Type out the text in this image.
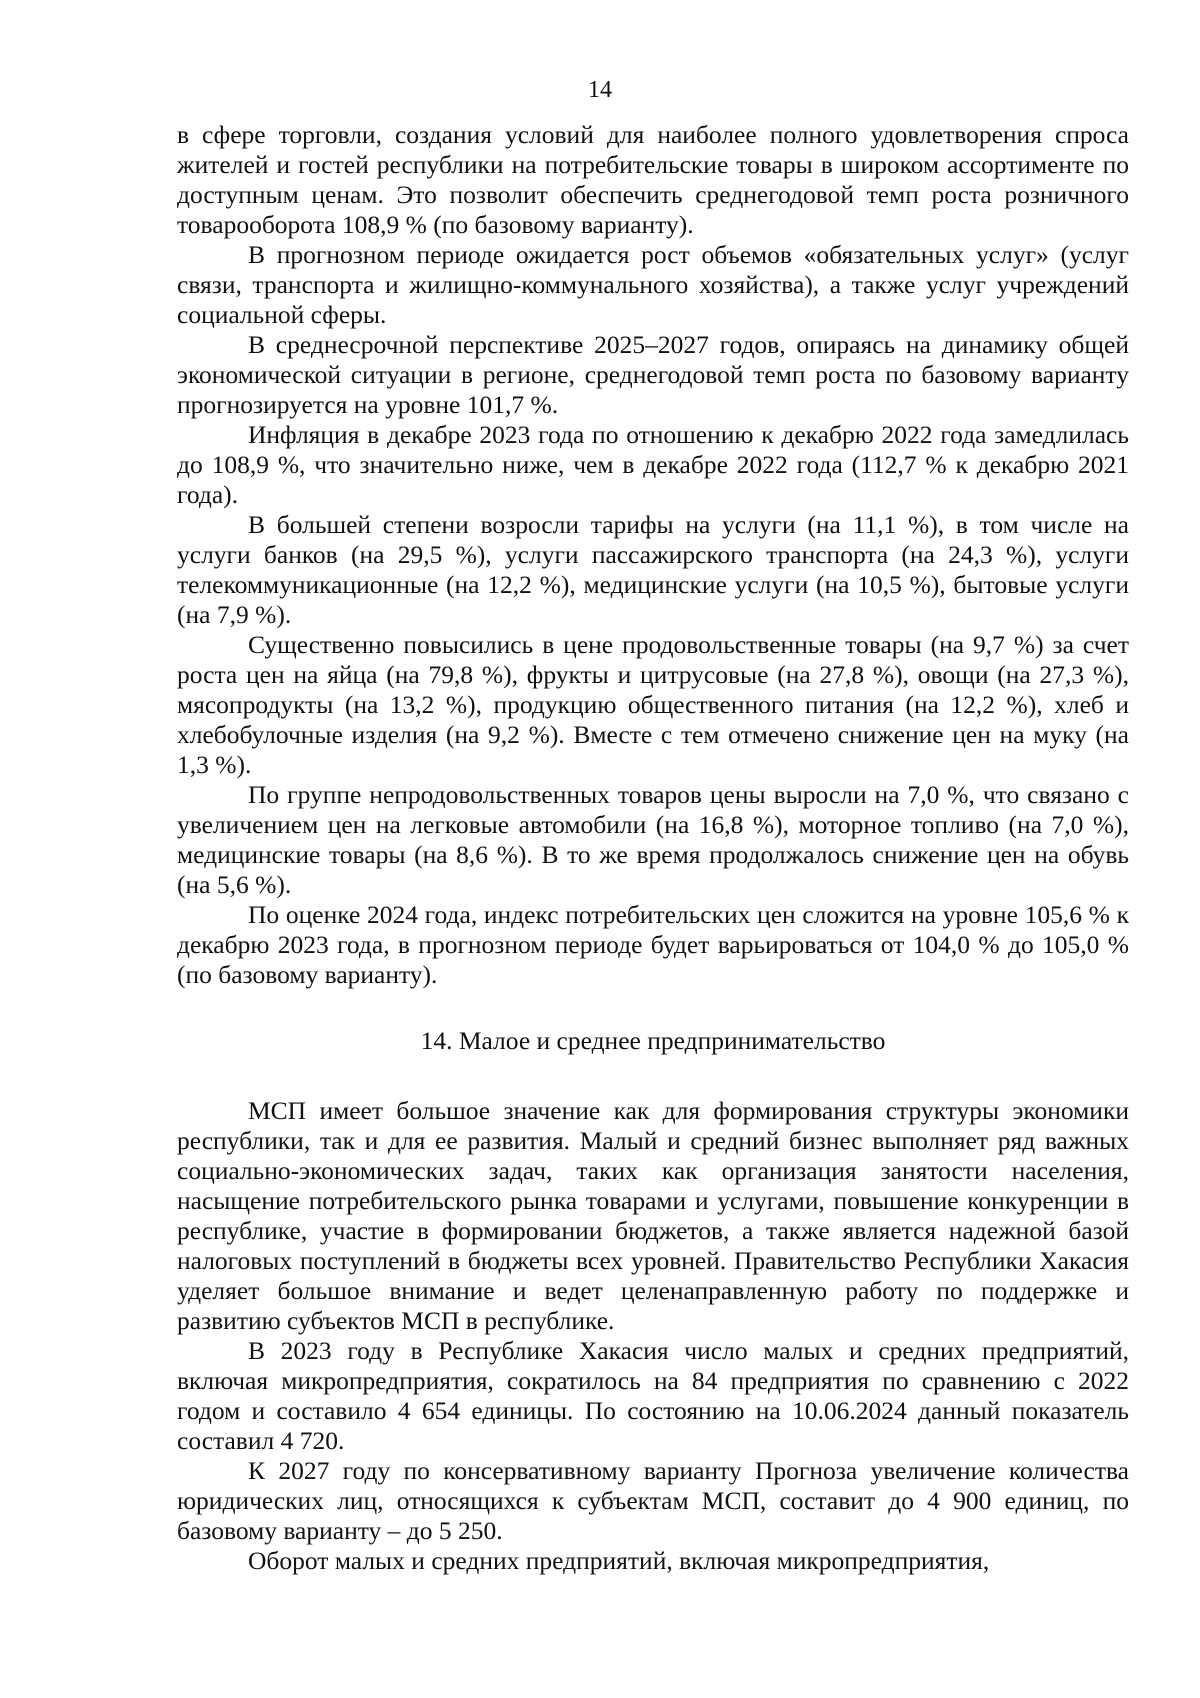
14

в сфере торговли, создания условий для наиболее полного удовлетворения спроса жителей и гостей республики на потребительские товары в широком ассортименте по доступным ценам. Это позволит обеспечить среднегодовой темп роста розничного товарооборота 108,9 % (по базовому варианту).

В прогнозном периоде ожидается рост объемов «обязательных услуг» (услуг связи, транспорта и жилищно-коммунального хозяйства), а также услуг учреждений социальной сферы.

В среднесрочной перспективе 2025–2027 годов, опираясь на динамику общей экономической ситуации в регионе, среднегодовой темп роста по базовому варианту прогнозируется на уровне 101,7 %.

Инфляция в декабре 2023 года по отношению к декабрю 2022 года замедлилась до 108,9 %, что значительно ниже, чем в декабре 2022 года (112,7 % к декабрю 2021 года).

В большей степени возросли тарифы на услуги (на 11,1 %), в том числе на услуги банков (на 29,5 %), услуги пассажирского транспорта (на 24,3 %), услуги телекоммуникационные (на 12,2 %), медицинские услуги (на 10,5 %), бытовые услуги (на 7,9 %).

Существенно повысились в цене продовольственные товары (на 9,7 %) за счет роста цен на яйца (на 79,8 %), фрукты и цитрусовые (на 27,8 %), овощи (на 27,3 %), мясопродукты (на 13,2 %), продукцию общественного питания (на 12,2 %), хлеб и хлебобулочные изделия (на 9,2 %). Вместе с тем отмечено снижение цен на муку (на 1,3 %).

По группе непродовольственных товаров цены выросли на 7,0 %, что связано с увеличением цен на легковые автомобили (на 16,8 %), моторное топливо (на 7,0 %), медицинские товары (на 8,6 %). В то же время продолжалось снижение цен на обувь (на 5,6 %).

По оценке 2024 года, индекс потребительских цен сложится на уровне 105,6 % к декабрю 2023 года, в прогнозном периоде будет варьироваться от 104,0 % до 105,0 % (по базовому варианту).

14. Малое и среднее предпринимательство

МСП имеет большое значение как для формирования структуры экономики республики, так и для ее развития. Малый и средний бизнес выполняет ряд важных социально-экономических задач, таких как организация занятости населения, насыщение потребительского рынка товарами и услугами, повышение конкуренции в республике, участие в формировании бюджетов, а также является надежной базой налоговых поступлений в бюджеты всех уровней. Правительство Республики Хакасия уделяет большое внимание и ведет целенаправленную работу по поддержке и развитию субъектов МСП в республике.

В 2023 году в Республике Хакасия число малых и средних предприятий, включая микропредприятия, сократилось на 84 предприятия по сравнению с 2022 годом и составило 4 654 единицы. По состоянию на 10.06.2024 данный показатель составил 4 720.

К 2027 году по консервативному варианту Прогноза увеличение количества юридических лиц, относящихся к субъектам МСП, составит до 4 900 единиц, по базовому варианту – до 5 250.

Оборот малых и средних предприятий, включая микропредприятия,
